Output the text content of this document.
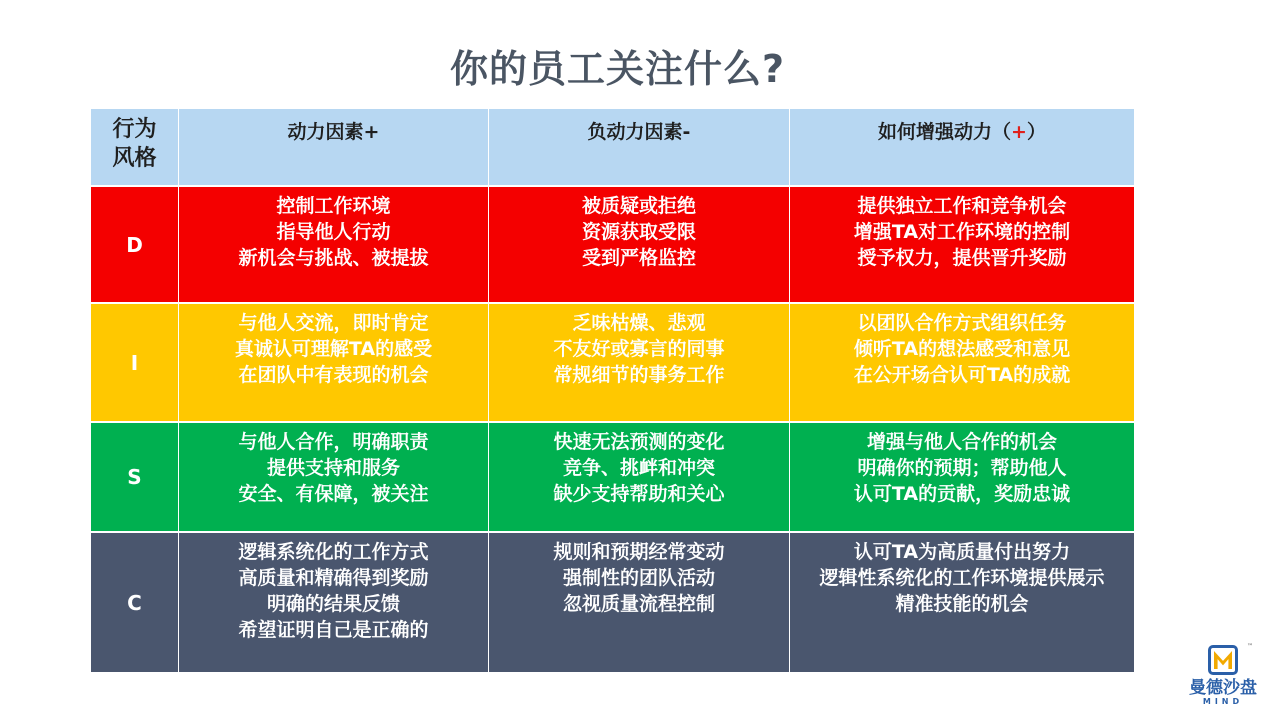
你的员工关注什么?
行为
风格
动力因素+	负动力因素-	如何增强动力（+）
D
控制工作环境
指导他人行动
新机会与挑战、被提拔
被质疑或拒绝
资源获取受限
受到严格监控
提供独立工作和竞争机会
增强TA对工作环境的控制
授予权力，提供晋升奖励
I
与他人交流，即时肯定
真诚认可理解TA的感受
在团队中有表现的机会
乏味枯燥、悲观
不友好或寡言的同事
常规细节的事务工作
以团队合作方式组织任务
倾听TA的想法感受和意见
在公开场合认可TA的成就
S
与他人合作，明确职责
提供支持和服务
安全、有保障，被关注
快速无法预测的变化
竞争、挑衅和冲突
缺少支持帮助和关心
增强与他人合作的机会
明确你的预期；帮助他人
认可TA的贡献，奖励忠诚
C
逻辑系统化的工作方式
高质量和精确得到奖励
明确的结果反馈
希望证明自己是正确的
规则和预期经常变动
强制性的团队活动
忽视质量流程控制
认可TA为高质量付出努力
逻辑性系统化的工作环境提供展示
精准技能的机会
™
曼德沙盘
MIND
